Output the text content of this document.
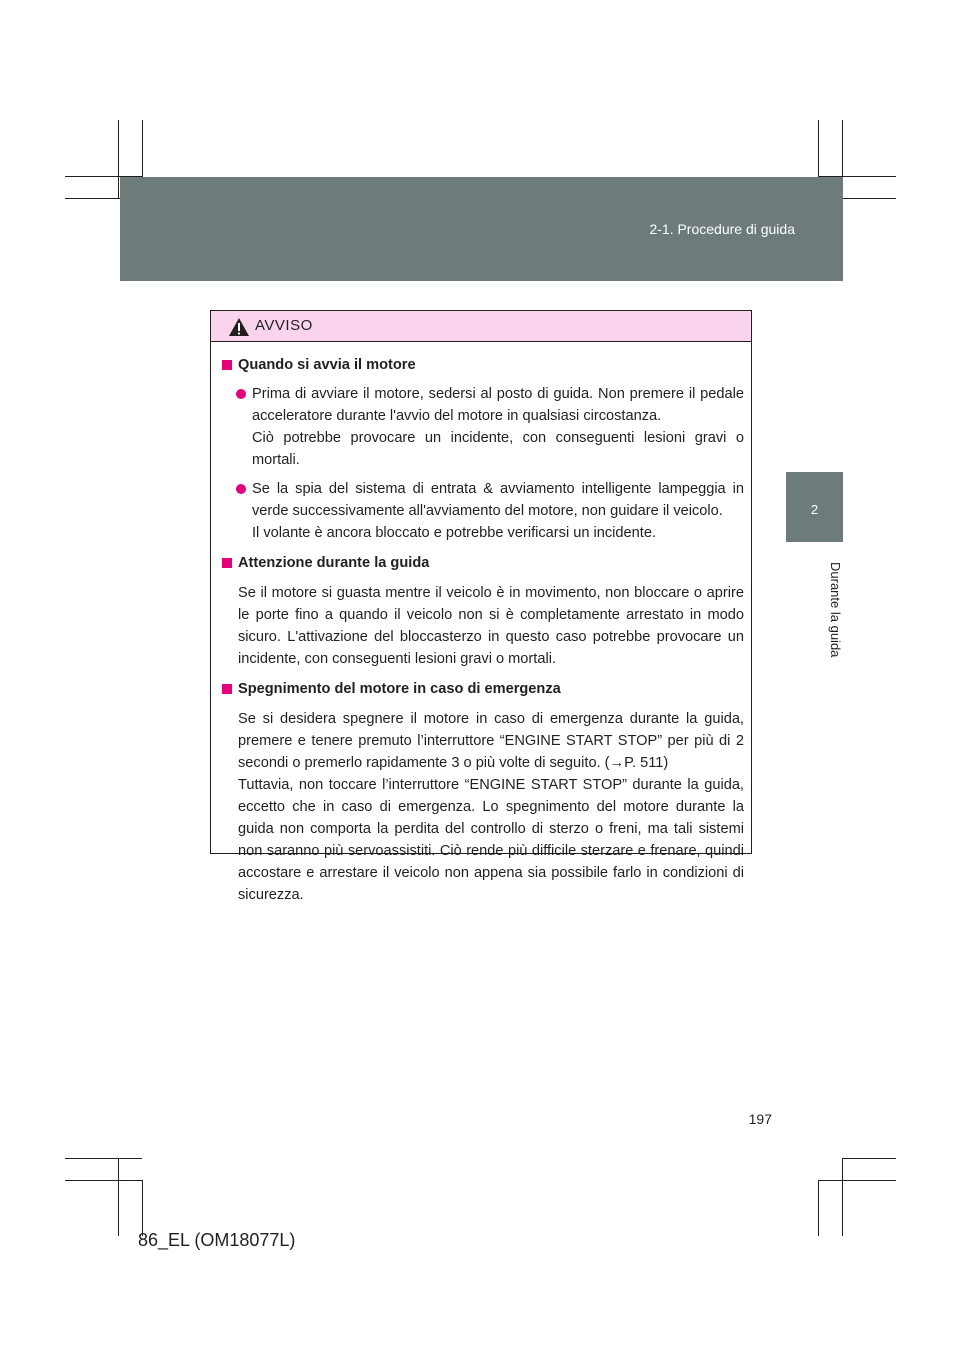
2-1. Procedure di guida
2
Durante la guida
AVVISO
Quando si avvia il motore
Prima di avviare il motore, sedersi al posto di guida. Non premere il pedale acceleratore durante l'avvio del motore in qualsiasi circostanza.
Ciò potrebbe provocare un incidente, con conseguenti lesioni gravi o mortali.
Se la spia del sistema di entrata & avviamento intelligente lampeggia in verde successivamente all'avviamento del motore, non guidare il veicolo.
Il volante è ancora bloccato e potrebbe verificarsi un incidente.
Attenzione durante la guida
Se il motore si guasta mentre il veicolo è in movimento, non bloccare o aprire le porte fino a quando il veicolo non si è completamente arrestato in modo sicuro. L'attivazione del bloccasterzo in questo caso potrebbe provocare un incidente, con conseguenti lesioni gravi o mortali.
Spegnimento del motore in caso di emergenza
Se si desidera spegnere il motore in caso di emergenza durante la guida, premere e tenere premuto l’interruttore “ENGINE START STOP” per più di 2 secondi o premerlo rapidamente 3 o più volte di seguito. (→P. 511)
Tuttavia, non toccare l’interruttore “ENGINE START STOP” durante la guida, eccetto che in caso di emergenza. Lo spegnimento del motore durante la guida non comporta la perdita del controllo di sterzo o freni, ma tali sistemi non saranno più servoassistiti. Ciò rende più difficile sterzare e frenare, quindi accostare e arrestare il veicolo non appena sia possibile farlo in condizioni di sicurezza.
197
86_EL (OM18077L)
